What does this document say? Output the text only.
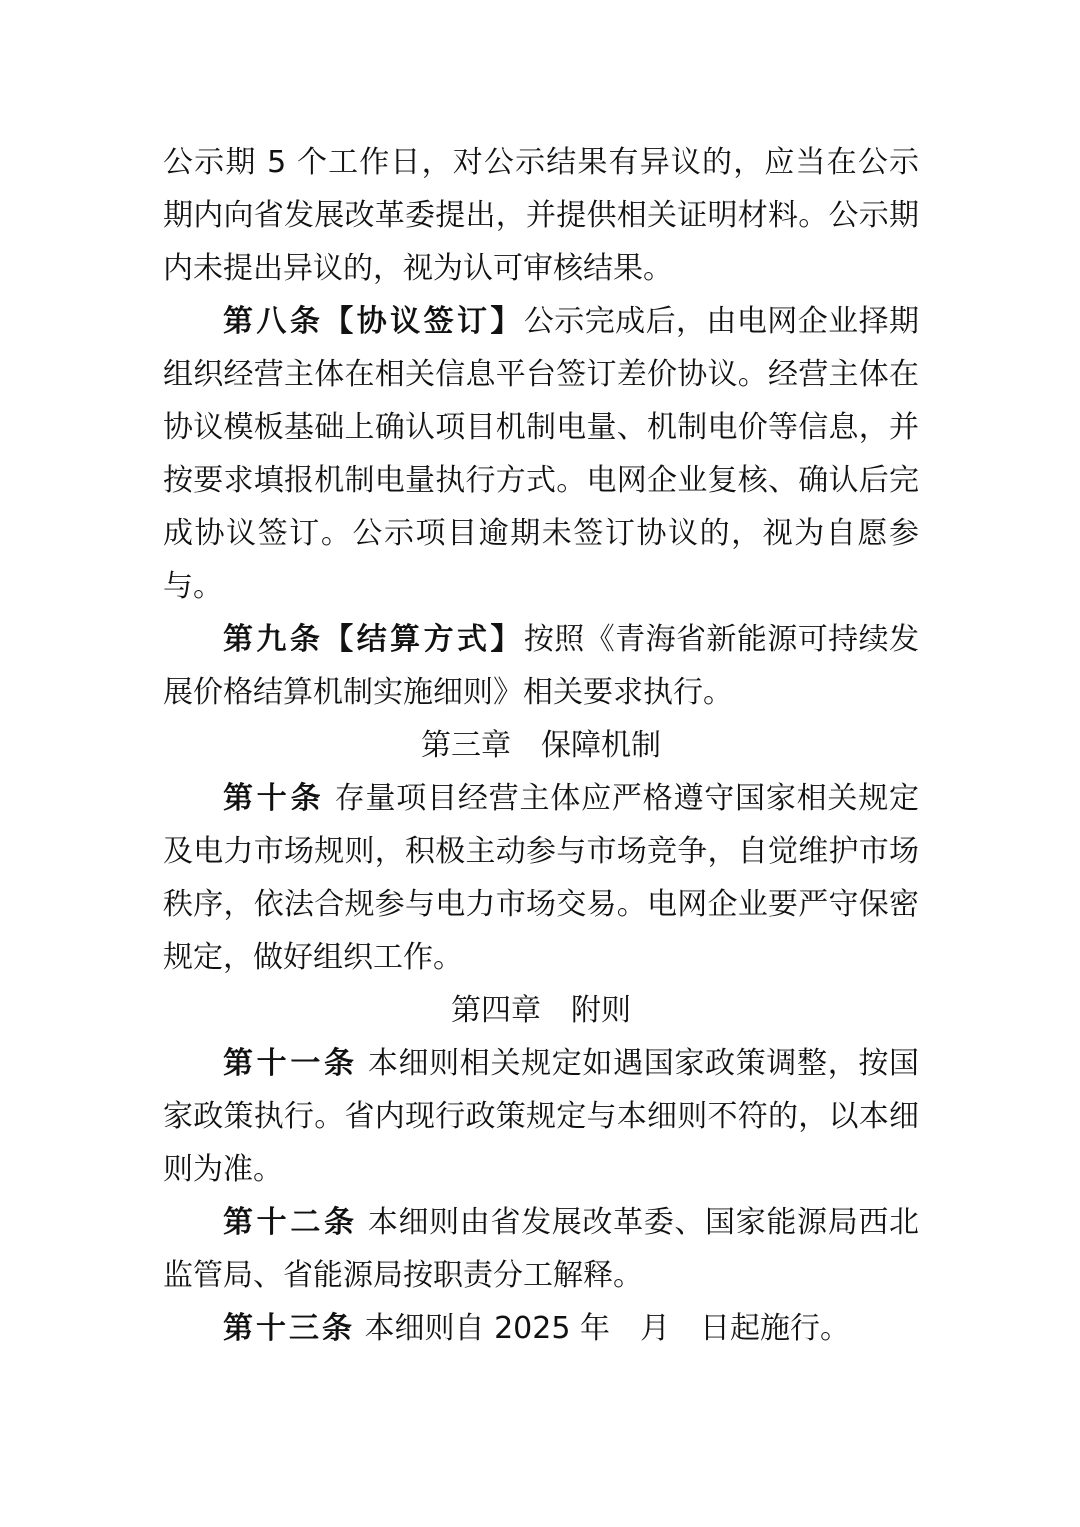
公示期 5 个工作日，对公示结果有异议的，应当在公示期内向省发展改革委提出，并提供相关证明材料。公示期内未提出异议的，视为认可审核结果。

第八条【协议签订】公示完成后，由电网企业择期组织经营主体在相关信息平台签订差价协议。经营主体在协议模板基础上确认项目机制电量、机制电价等信息，并按要求填报机制电量执行方式。电网企业复核、确认后完成协议签订。公示项目逾期未签订协议的，视为自愿参与。

第九条【结算方式】按照《青海省新能源可持续发展价格结算机制实施细则》相关要求执行。

第三章　保障机制

第十条 存量项目经营主体应严格遵守国家相关规定及电力市场规则，积极主动参与市场竞争，自觉维护市场秩序，依法合规参与电力市场交易。电网企业要严守保密规定，做好组织工作。

第四章　附则

第十一条 本细则相关规定如遇国家政策调整，按国家政策执行。省内现行政策规定与本细则不符的，以本细则为准。

第十二条 本细则由省发展改革委、国家能源局西北监管局、省能源局按职责分工解释。

第十三条 本细则自 2025 年　月　日起施行。
